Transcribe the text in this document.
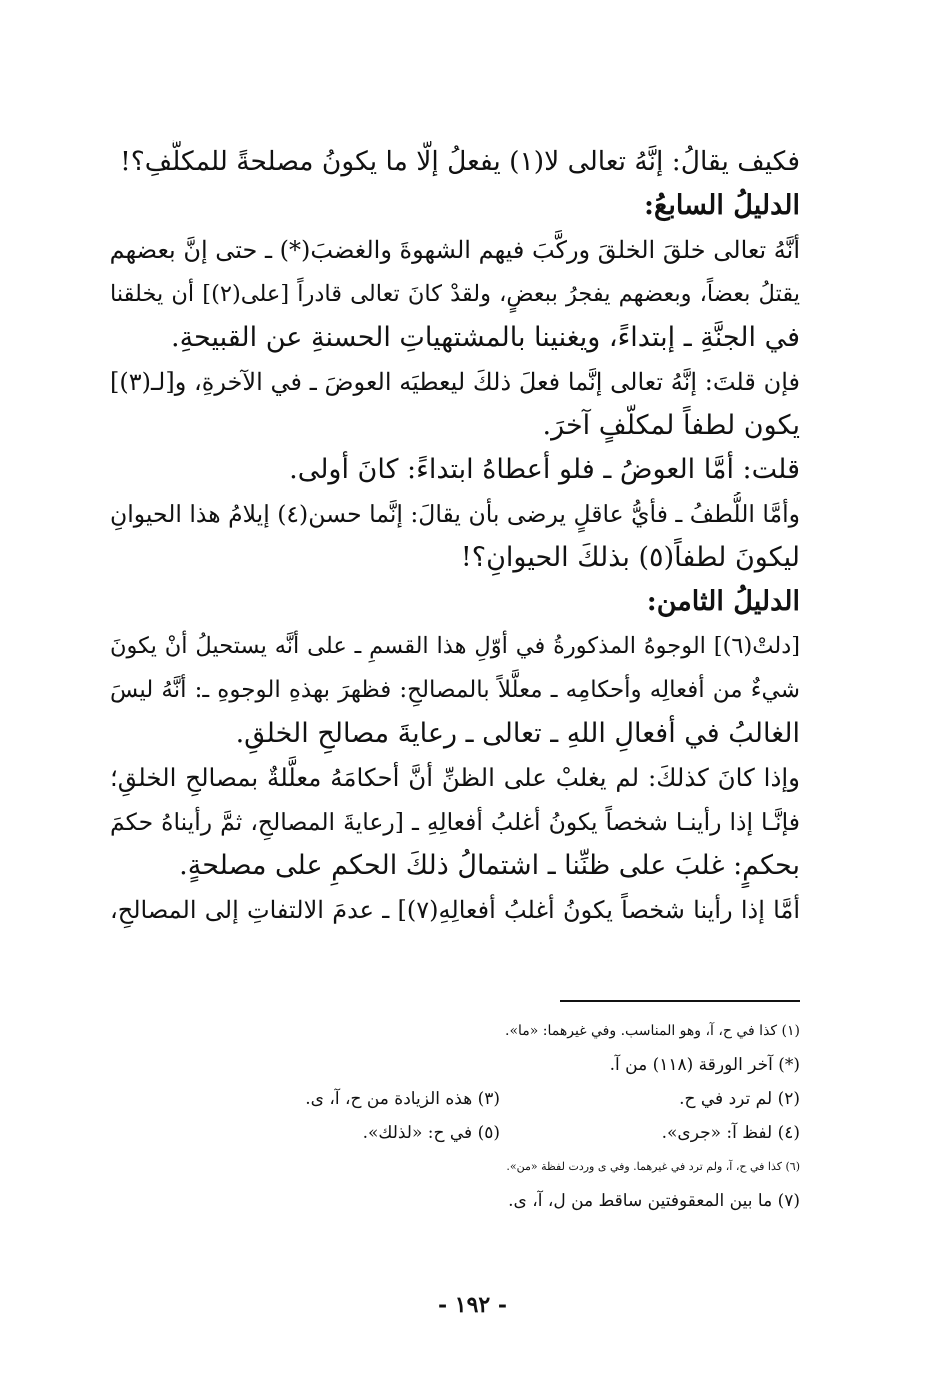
فكيف يقالُ: إنَّهُ تعالى لا(١) يفعلُ إلّا ما يكونُ مصلحةً للمكلَّفِ؟!
الدليلُ السابعُ:
أنَّهُ تعالى خلقَ الخلقَ وركَّبَ فيهم الشهوةَ والغضبَ(*) ـ حتى إنَّ بعضهم
يقتلُ بعضاً، وبعضهم يفجرُ ببعضٍ، ولقدْ كانَ تعالى قادراً [على(٢)] أن يخلقنا
في الجنَّةِ ـ إبتداءً، ويغنينا بالمشتهياتِ الحسنةِ عن القبيحةِ.
فإن قلتَ: إنَّهُ تعالى إنَّما فعلَ ذلكَ ليعطيَه العوضَ ـ في الآخرةِ، و[لـ(٣)]
يكون لطفاً لمكلَّفٍ آخرَ.
قلت: أمَّا العوضُ ـ فلو أعطاهُ ابتداءً: كانَ أولى.
وأمَّا اللُّطفُ ـ فأيُّ عاقلٍ يرضى بأن يقالَ: إنَّما حسن(٤) إيلامُ هذا الحيوانِ
ليكونَ لطفاً(٥) بذلكَ الحيوانِ؟!
الدليلُ الثامن:
[دلتْ(٦)] الوجوهُ المذكورةُ في أوّلِ هذا القسمِ ـ على أنَّه يستحيلُ أنْ يكونَ
شيءٌ من أفعالِه وأحكامِه ـ معلَّلاً بالمصالحِ: فظهرَ بهذهِ الوجوهِ ـ: أنَّهُ ليسَ
الغالبُ في أفعالِ اللهِ ـ تعالى ـ رعايةَ مصالحِ الخلقِ.
وإذا كانَ كذلكَ: لم يغلبْ على الظنِّ أنَّ أحكامَهُ معلَّلةٌ بمصالحِ الخلقِ؛
فإنَّـا إذا رأينـا شخصاً يكونُ أغلبُ أفعالِهِ ـ [رعايةَ المصالحِ، ثمَّ رأيناهُ حكمَ
بحكمٍ: غلبَ على ظنِّنا ـ اشتمالُ ذلكَ الحكمِ على مصلحةٍ.
أمَّا إذا رأينا شخصاً يكونُ أغلبُ أفعالِهِ(٧)] ـ عدمَ الالتفاتِ إلى المصالحِ،
(١) كذا في ح، آ، وهو المناسب. وفي غيرهما: «ما».
(*) آخر الورقة (١١٨) من آ.
(٢) لم ترد في ح.
(٣) هذه الزيادة من ح، آ، ى.
(٤) لفظ آ: «جرى».
(٥) في ح: «لذلك».
(٦) كذا في ح، آ، ولم ترد في غيرهما. وفي ى وردت لفظة «من».
(٧) ما بين المعقوفتين ساقط من ل، آ، ى.
- ١٩٢ -
